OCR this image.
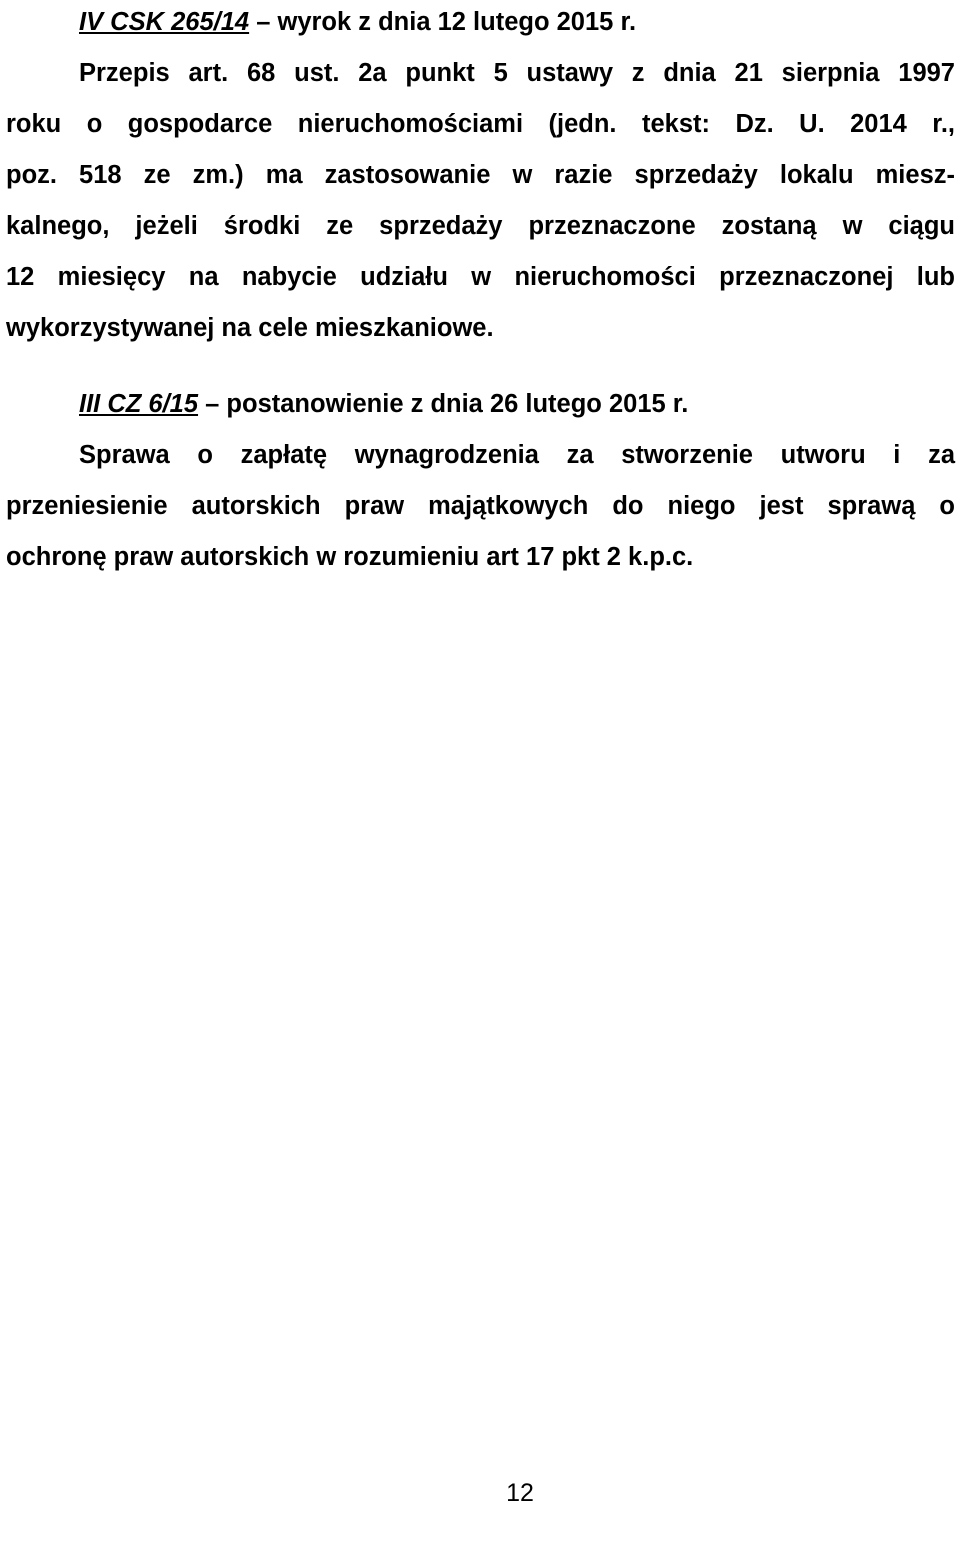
IV CSK 265/14 – wyrok z dnia 12 lutego 2015 r.
Przepis art. 68 ust. 2a punkt 5 ustawy z dnia 21 sierpnia 1997
roku o gospodarce nieruchomościami (jedn. tekst: Dz. U. 2014 r.,
poz. 518 ze zm.) ma zastosowanie w razie sprzedaży lokalu miesz-
kalnego, jeżeli środki ze sprzedaży przeznaczone zostaną w ciągu
12 miesięcy na nabycie udziału w nieruchomości przeznaczonej lub
wykorzystywanej na cele mieszkaniowe.
III CZ 6/15 – postanowienie z dnia 26 lutego 2015 r.
Sprawa o zapłatę wynagrodzenia za stworzenie utworu i za
przeniesienie autorskich praw majątkowych do niego jest sprawą o
ochronę praw autorskich w rozumieniu art 17 pkt 2 k.p.c.
12
